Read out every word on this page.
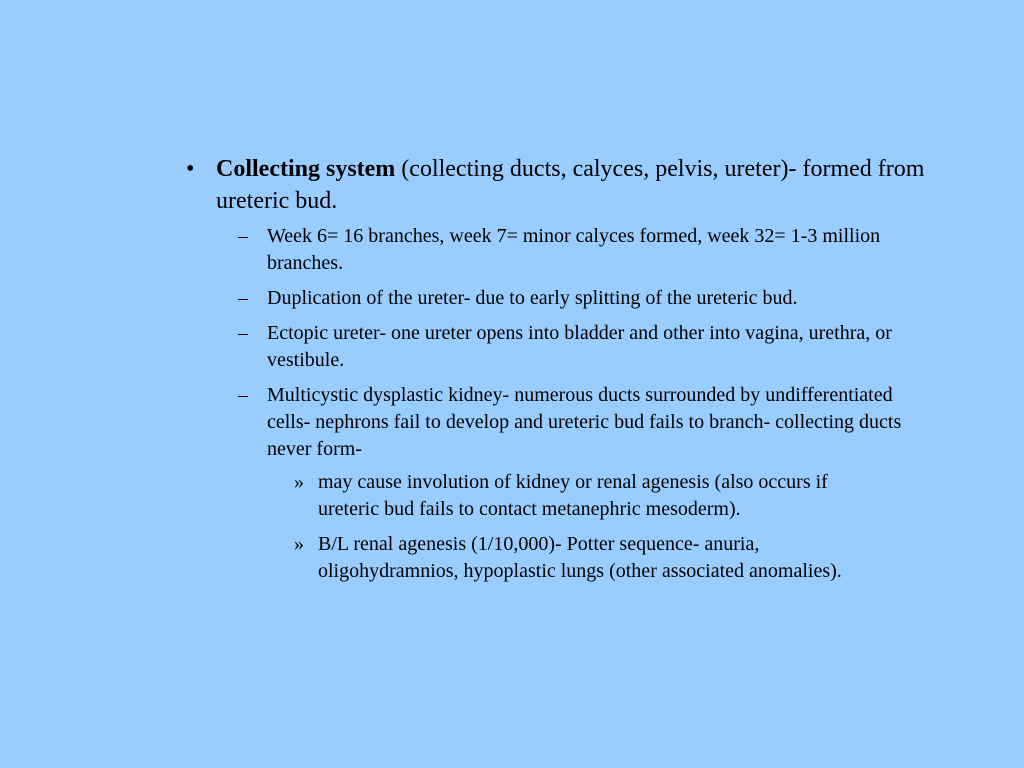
• Collecting system (collecting ducts, calyces, pelvis, ureter)- formed from ureteric bud.
– Week 6= 16 branches, week 7= minor calyces formed, week 32= 1-3 million branches.
– Duplication of the ureter- due to early splitting of the ureteric bud.
– Ectopic ureter- one ureter opens into bladder and other into vagina, urethra, or vestibule.
– Multicystic dysplastic kidney- numerous ducts surrounded by undifferentiated cells- nephrons fail to develop and ureteric bud fails to branch- collecting ducts never form-
» may cause involution of kidney or renal agenesis (also occurs if ureteric bud fails to contact metanephric mesoderm).
» B/L renal agenesis (1/10,000)- Potter sequence- anuria, oligohydramnios, hypoplastic lungs (other associated anomalies).
